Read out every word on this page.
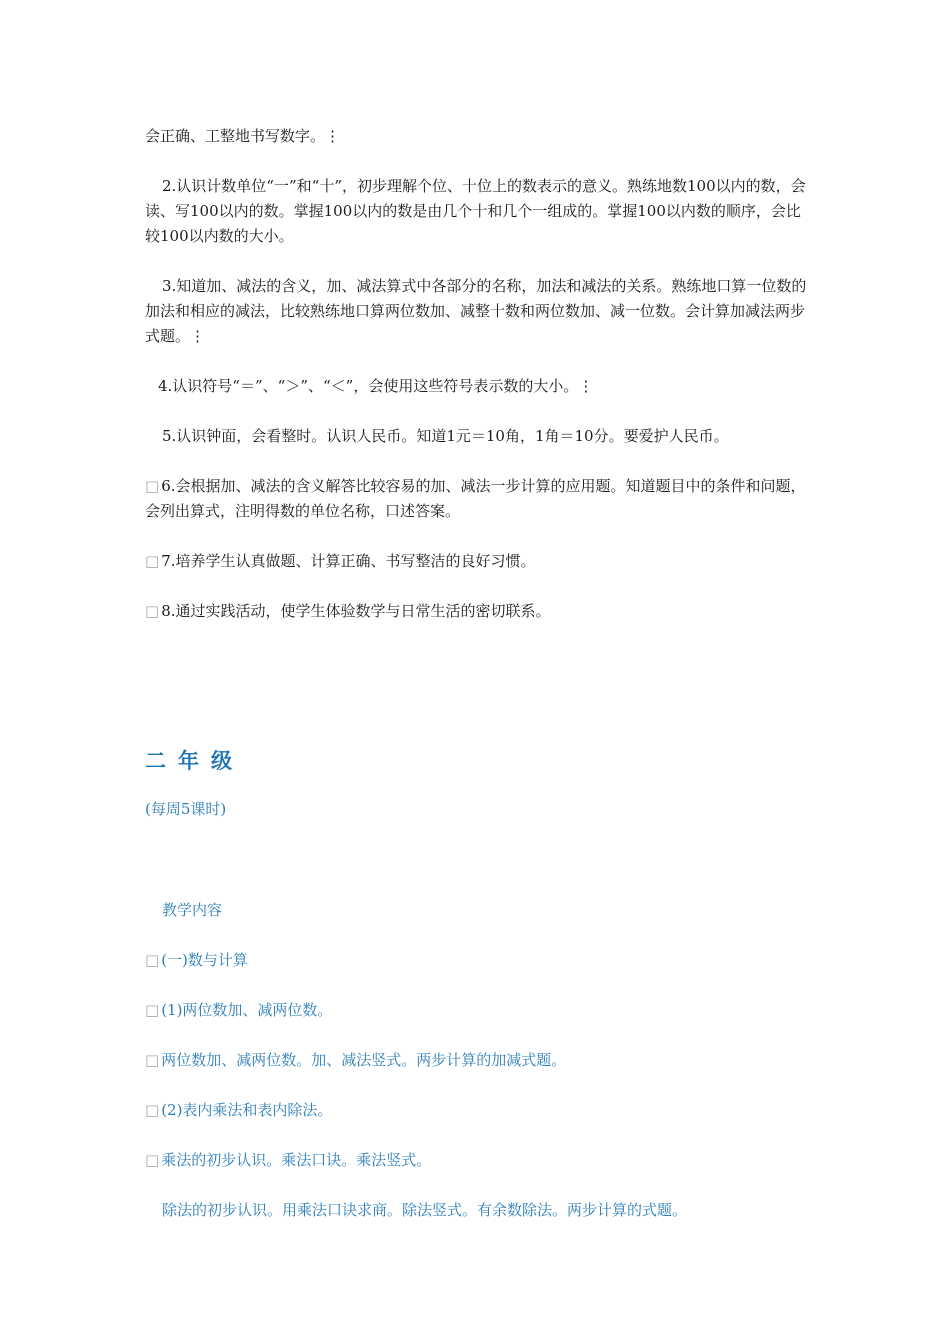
会正确、工整地书写数字。⋮

2.认识计数单位“一”和“十”，初步理解个位、十位上的数表示的意义。熟练地数100以内的数，会读、写100以内的数。掌握100以内的数是由几个十和几个一组成的。掌握100以内数的顺序，会比较100以内数的大小。

3.知道加、减法的含义，加、减法算式中各部分的名称，加法和减法的关系。熟练地口算一位数的加法和相应的减法，比较熟练地口算两位数加、减整十数和两位数加、减一位数。会计算加减法两步式题。⋮

4.认识符号“＝”、“＞”、“＜”，会使用这些符号表示数的大小。⋮

5.认识钟面，会看整时。认识人民币。知道1元＝10角，1角＝10分。要爱护人民币。

□ 6.会根据加、减法的含义解答比较容易的加、减法一步计算的应用题。知道题目中的条件和问题，会列出算式，注明得数的单位名称，口述答案。

□ 7.培养学生认真做题、计算正确、书写整洁的良好习惯。

□ 8.通过实践活动，使学生体验数学与日常生活的密切联系。

二年级

(每周5课时)

教学内容

□ (一)数与计算

□ (1)两位数加、减两位数。

□ 两位数加、减两位数。加、减法竖式。两步计算的加减式题。

□ (2)表内乘法和表内除法。

□ 乘法的初步认识。乘法口诀。乘法竖式。

除法的初步认识。用乘法口诀求商。除法竖式。有余数除法。两步计算的式题。
